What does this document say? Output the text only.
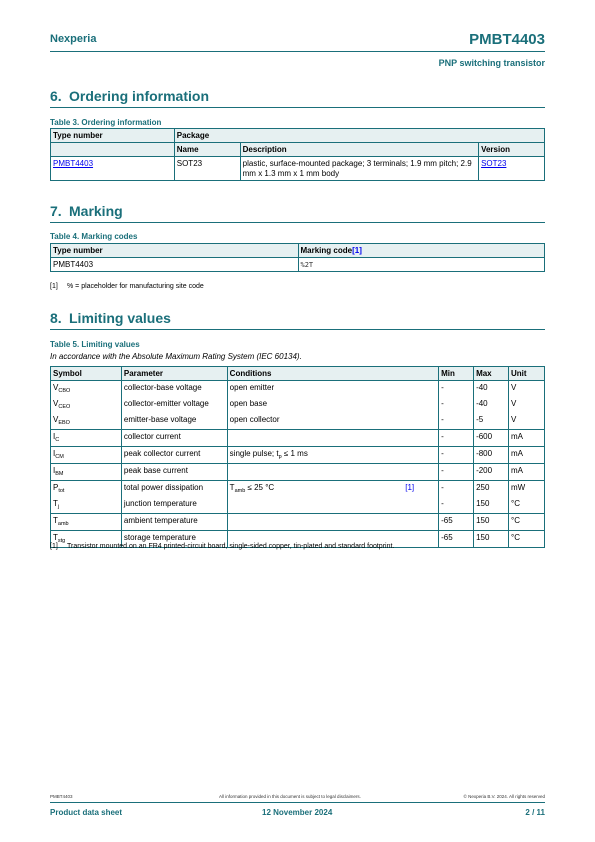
Nexperia	PMBT4403
PNP switching transistor
6. Ordering information
Table 3. Ordering information
Type number	Package		
	Name	Description	Version
PMBT4403	SOT23	plastic, surface-mounted package; 3 terminals; 1.9 mm pitch; 2.9 mm x 1.3 mm x 1 mm body	SOT23
7. Marking
Table 4. Marking codes
Type number	Marking code[1]
PMBT4403	%2T
[1] % = placeholder for manufacturing site code
8. Limiting values
Table 5. Limiting values
In accordance with the Absolute Maximum Rating System (IEC 60134).
Symbol	Parameter	Conditions	Min	Max	Unit
$V_{CBO}$	collector-base voltage	open emitter	-	-40	V
$V_{CEO}$	collector-emitter voltage	open base	-	-40	V
$V_{EBO}$	emitter-base voltage	open collector	-	-5	V
$I_C$	collector current		-	-600	mA
$I_{CM}$	peak collector current	single pulse; $t_p \le 1$ ms	-	-800	mA
$I_{BM}$	peak base current		-	-200	mA
$P_{tot}$	total power dissipation	$T_{amb} \le 25$ °C [1]	-	250	mW
$T_j$	junction temperature		-	150	°C
$T_{amb}$	ambient temperature		-65	150	°C
$T_{stg}$	storage temperature		-65	150	°C
[1] Transistor mounted on an FR4 printed-circuit board, single-sided copper, tin-plated and standard footprint.
PMBT4403	All information provided in this document is subject to legal disclaimers.	© Nexperia B.V. 2024. All rights reserved
Product data sheet	12 November 2024	2 / 11
